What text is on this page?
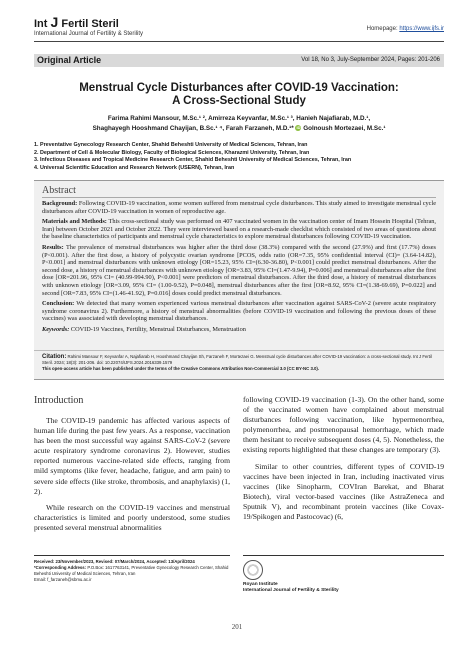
Int J Fertil Steril
International Journal of Fertility & Sterility
Homepage: https://www.ijfs.ir
Original Article	Vol 18, No 3, July-September 2024, Pages: 201-206
Menstrual Cycle Disturbances after COVID-19 Vaccination:
A Cross-Sectional Study
Farima Rahimi Mansour, M.Sc.¹ ², Amirreza Keyvanfar, M.Sc.¹ ³, Hanieh Najafiarab, M.D.¹,
Shaghayegh Hooshmand Chayijan, B.Sc.¹ ⁴, Farah Farzaneh, M.D.¹* iD Golnoush Mortezaei, M.Sc.¹
1. Preventative Gynecology Research Center, Shahid Beheshti University of Medical Sciences, Tehran, Iran
2. Department of Cell & Molecular Biology, Faculty of Biological Sciences, Kharazmi University, Tehran, Iran
3. Infectious Diseases and Tropical Medicine Research Center, Shahid Beheshti University of Medical Sciences, Tehran, Iran
4. Universal Scientific Education and Research Network (USERN), Tehran, Iran
Abstract

Background: Following COVID-19 vaccination, some women suffered from menstrual cycle disturbances. This study aimed to investigate menstrual cycle disturbances after COVID-19 vaccination in women of reproductive age.

Materials and Methods: This cross-sectional study was performed on 407 vaccinated women in the vaccination center of Imam Hossein Hospital (Tehran, Iran) between October 2021 and October 2022. They were interviewed based on a research-made checklist which consisted of two areas of questions about the baseline characteristics of participants and menstrual cycle characteristics to explore menstrual disturbances following COVID-19 vaccination.

Results: The prevalence of menstrual disturbances was higher after the third dose (38.3%) compared with the second (27.9%) and first (17.7%) doses (P<0.001). After the first dose, a history of polycystic ovarian syndrome [PCOS, odds ratio (OR=7.35, 95% confidential interval (CI)= (3.64-14.82), P<0.001] and menstrual disturbances with unknown etiology [OR=15.23, 95% CI=(6.30-36.80), P<0.001] could predict menstrual disturbances. After the second dose, a history of menstrual disturbances with unknown etiology [OR=3.83, 95% CI=(1.47-9.94), P=0.006] and menstrual disturbances after the first dose [OR=201.96, 95% CI= (40.99-994.90), P<0.001] were predictors of menstrual disturbances. After the third dose, a history of menstrual disturbances with unknown etiology [OR=3.09, 95% CI= (1.00-9.52), P=0.048], menstrual disturbances after the first [OR=8.92, 95% CI=(1.38-69.69), P=0.022] and second [OR=7.83, 95% CI=(1.46-41.92), P=0.016] doses could predict menstrual disturbances.

Conclusion: We detected that many women experienced various menstrual disturbances after vaccination against SARS-CoV-2 (severe acute respiratory syndrome coronavirus 2). Furthermore, a history of menstrual abnormalities (before COVID-19 vaccination and following the previous doses of these vaccines) was associated with developing menstrual disturbances.

Keywords: COVID-19 Vaccines, Fertility, Menstrual Disturbances, Menstruation

Citation: Rahimi Mansour F, Keyvanfar A, Najafiarab H, Hooshmand Chayijan Sh, Farzaneh F, Mortezaei G. Menstrual cycle disturbances after COVID-19 vaccination: a cross-sectional study. Int J Fertil Steril. 2024; 18(3): 201-206. doi: 10.22074/IJFS.2024.2016339.1579
This open-access article has been published under the terms of the Creative Commons Attribution Non-Commercial 3.0 (CC BY-NC 3.0).
Introduction

The COVID-19 pandemic has affected various aspects of human life during the past few years. As a response, vaccination has been the most successful way against SARS-CoV-2 (severe acute respiratory syndrome coronavirus 2). However, studies reported numerous vaccine-related side effects, ranging from mild symptoms (like fever, headache, fatigue, and arm pain) to severe side effects (like stroke, thrombosis, and anaphylaxis) (1, 2).

While research on the COVID-19 vaccines and menstrual characteristics is limited and poorly understood, some studies presented several menstrual abnormalities

following COVID-19 vaccination (1-3). On the other hand, some of the vaccinated women have complained about menstrual disturbances following vaccination, like hypermenorrhea, polymenorrhea, and postmenopausal hemorrhage, which made them hesitant to receive subsequent doses (4, 5). Nonetheless, the existing reports highlighted that these changes are temporary (3).

Similar to other countries, different types of COVID-19 vaccines have been injected in Iran, including inactivated virus vaccines (like Sinopharm, COVIran Barekat, and Bharat Biotech), viral vector-based vaccines (like AstraZeneca and Sputnik V), and recombinant protein vaccines (like Covax-19/Spikogen and Pastocovac) (6,

Received: 23/November/2023, Revised: 07/March/2024, Accepted: 13/April/2024
*Corresponding Address: P.O.Box: 1617763141, Preventative Gynecology Research Center, Shahid Beheshti University of Medical Sciences, Tehran, Iran
Email: f_farzaneh@sbmu.ac.ir
Royan Institute
International Journal of Fertility & Sterility
201
